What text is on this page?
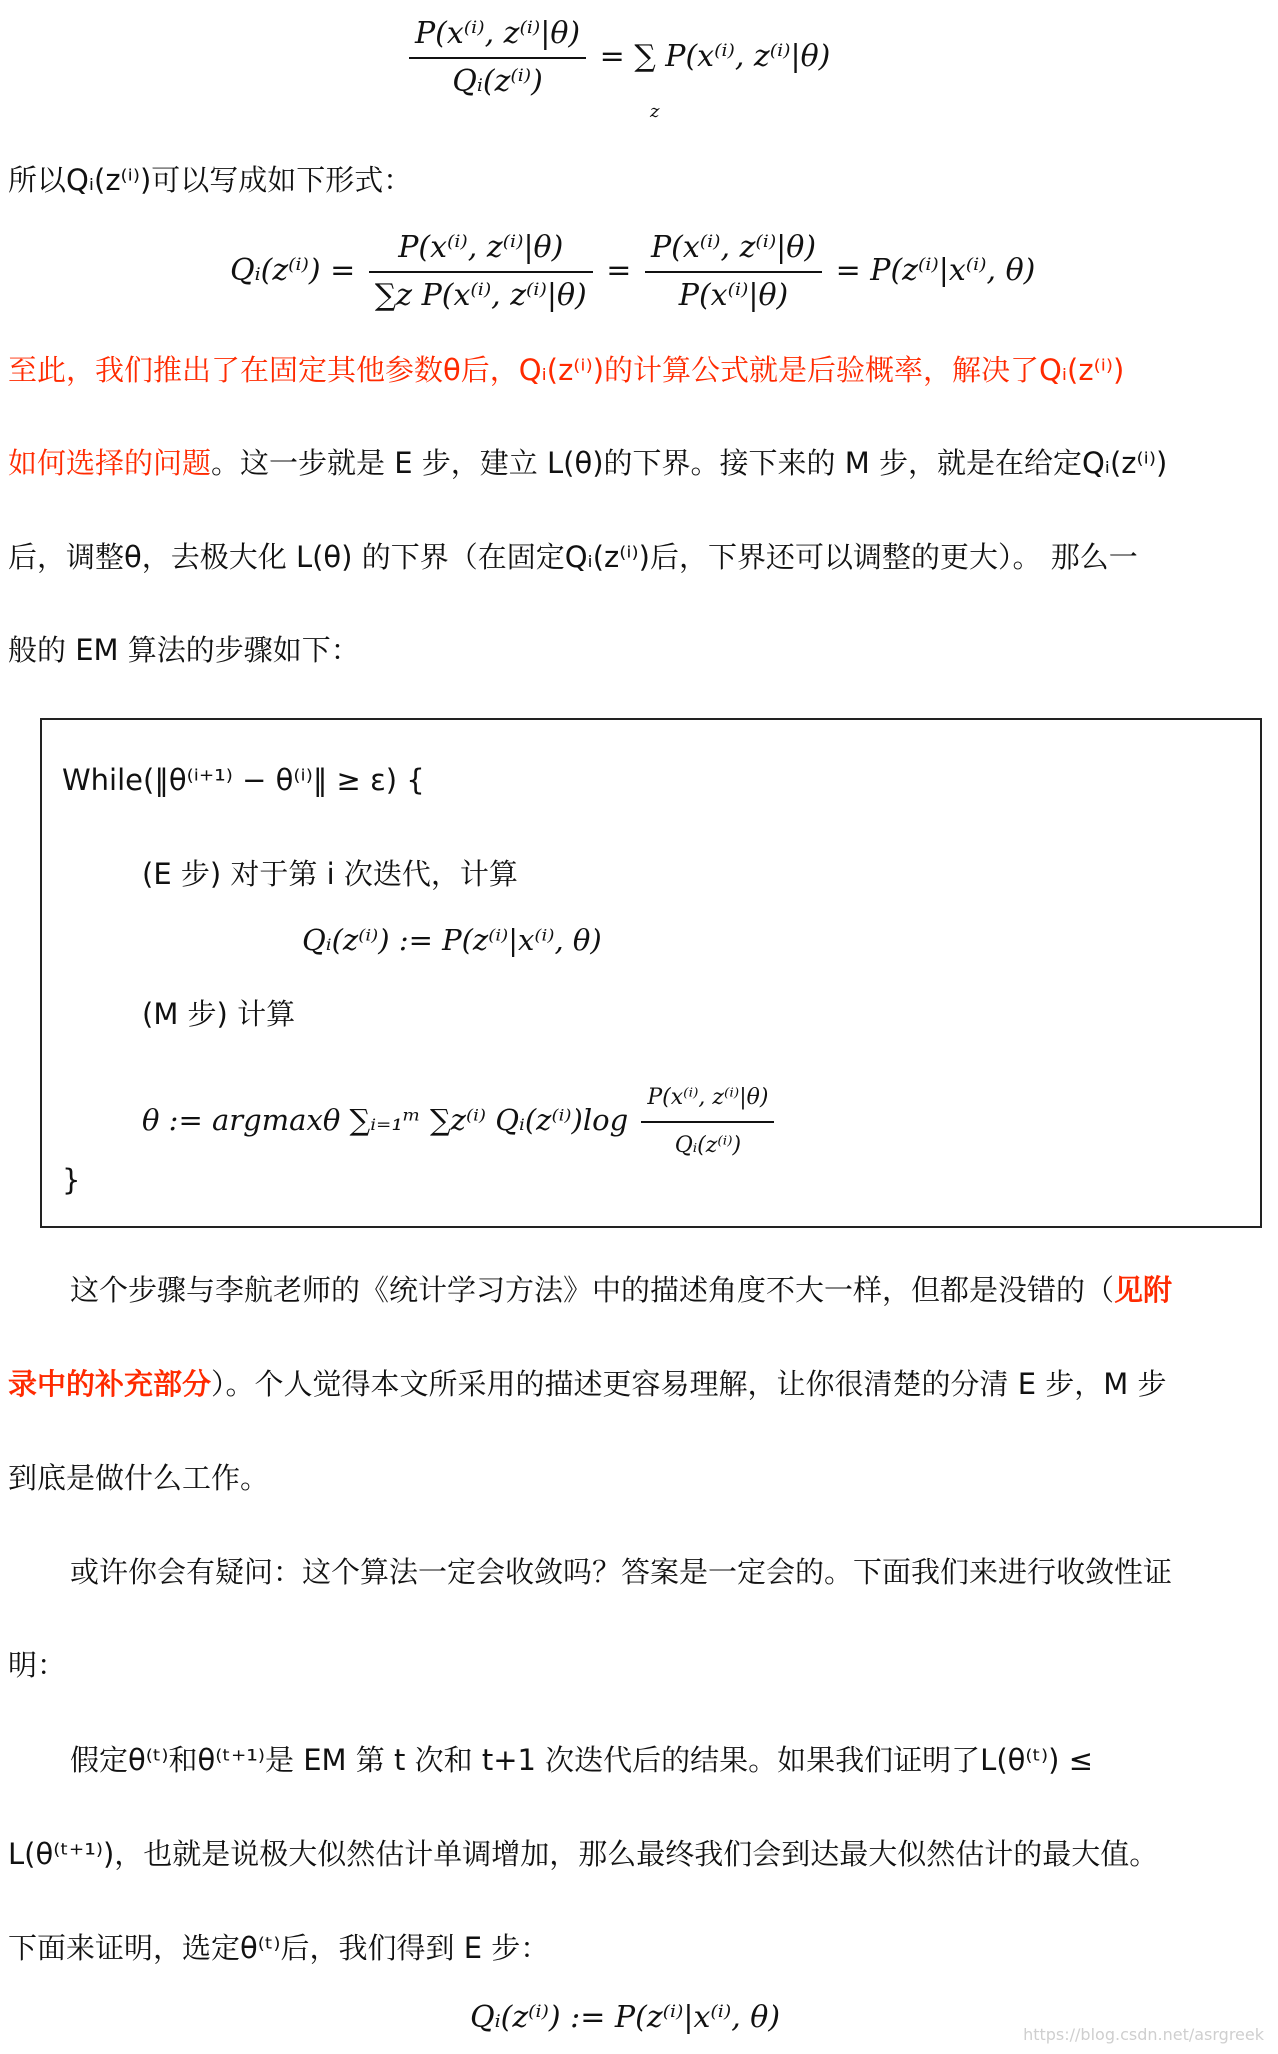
$\frac{\text{P(x⁽ⁱ⁾, z⁽ⁱ⁾|θ)}}{\text{Qᵢ(z⁽ⁱ⁾)}}$ = ∑ P(x⁽ⁱ⁾, z⁽ⁱ⁾|θ)
z
所以Qᵢ(z⁽ⁱ⁾)可以写成如下形式：
Qᵢ(z⁽ⁱ⁾) = $\frac{\text{P(x⁽ⁱ⁾, z⁽ⁱ⁾|θ)}}{\text{∑z P(x⁽ⁱ⁾, z⁽ⁱ⁾|θ)}} = \frac{\text{P(x⁽ⁱ⁾, z⁽ⁱ⁾|θ)}}{\text{P(x⁽ⁱ⁾|θ)}} = P(z^{(i)}|x^{(i)}$, θ)
至此，我们推出了在固定其他参数θ后，Qᵢ(z⁽ⁱ⁾)的计算公式就是后验概率，解决了Qᵢ(z⁽ⁱ⁾)
如何选择的问题。这一步就是 E 步，建立 L(θ)的下界。接下来的 M 步，就是在给定Qᵢ(z⁽ⁱ⁾)
后，调整θ，去极大化 L(θ) 的下界（在固定Qᵢ(z⁽ⁱ⁾)后，下界还可以调整的更大）。 那么一
般的 EM 算法的步骤如下：
While(‖θ⁽ⁱ⁺¹⁾ − θ⁽ⁱ⁾‖ ≥ ε) {
(E 步) 对于第 i 次迭代，计算
Qᵢ(z⁽ⁱ⁾) := P(z⁽ⁱ⁾|x⁽ⁱ⁾, θ)
(M 步) 计算
θ := argmaxθ ∑ᵢ₌₁ᵐ ∑z⁽ⁱ⁾ Qᵢ(z⁽ⁱ⁾)log $\frac{\text{P(x⁽ⁱ⁾, z⁽ⁱ⁾|θ)}}{\text{Qᵢ(z⁽ⁱ⁾)}}$
}
这个步骤与李航老师的《统计学习方法》中的描述角度不大一样，但都是没错的（见附
录中的补充部分）。个人觉得本文所采用的描述更容易理解，让你很清楚的分清 E 步，M 步
到底是做什么工作。
或许你会有疑问：这个算法一定会收敛吗？答案是一定会的。下面我们来进行收敛性证
明：
假定θ⁽ᵗ⁾和θ⁽ᵗ⁺¹⁾是 EM 第 t 次和 t+1 次迭代后的结果。如果我们证明了L(θ⁽ᵗ⁾) ≤
L(θ⁽ᵗ⁺¹⁾)，也就是说极大似然估计单调增加，那么最终我们会到达最大似然估计的最大值。
下面来证明，选定θ⁽ᵗ⁾后，我们得到 E 步：
Qᵢ(z⁽ⁱ⁾) := P(z⁽ⁱ⁾|x⁽ⁱ⁾, θ)	https://blog.csdn.net/asrgreek
